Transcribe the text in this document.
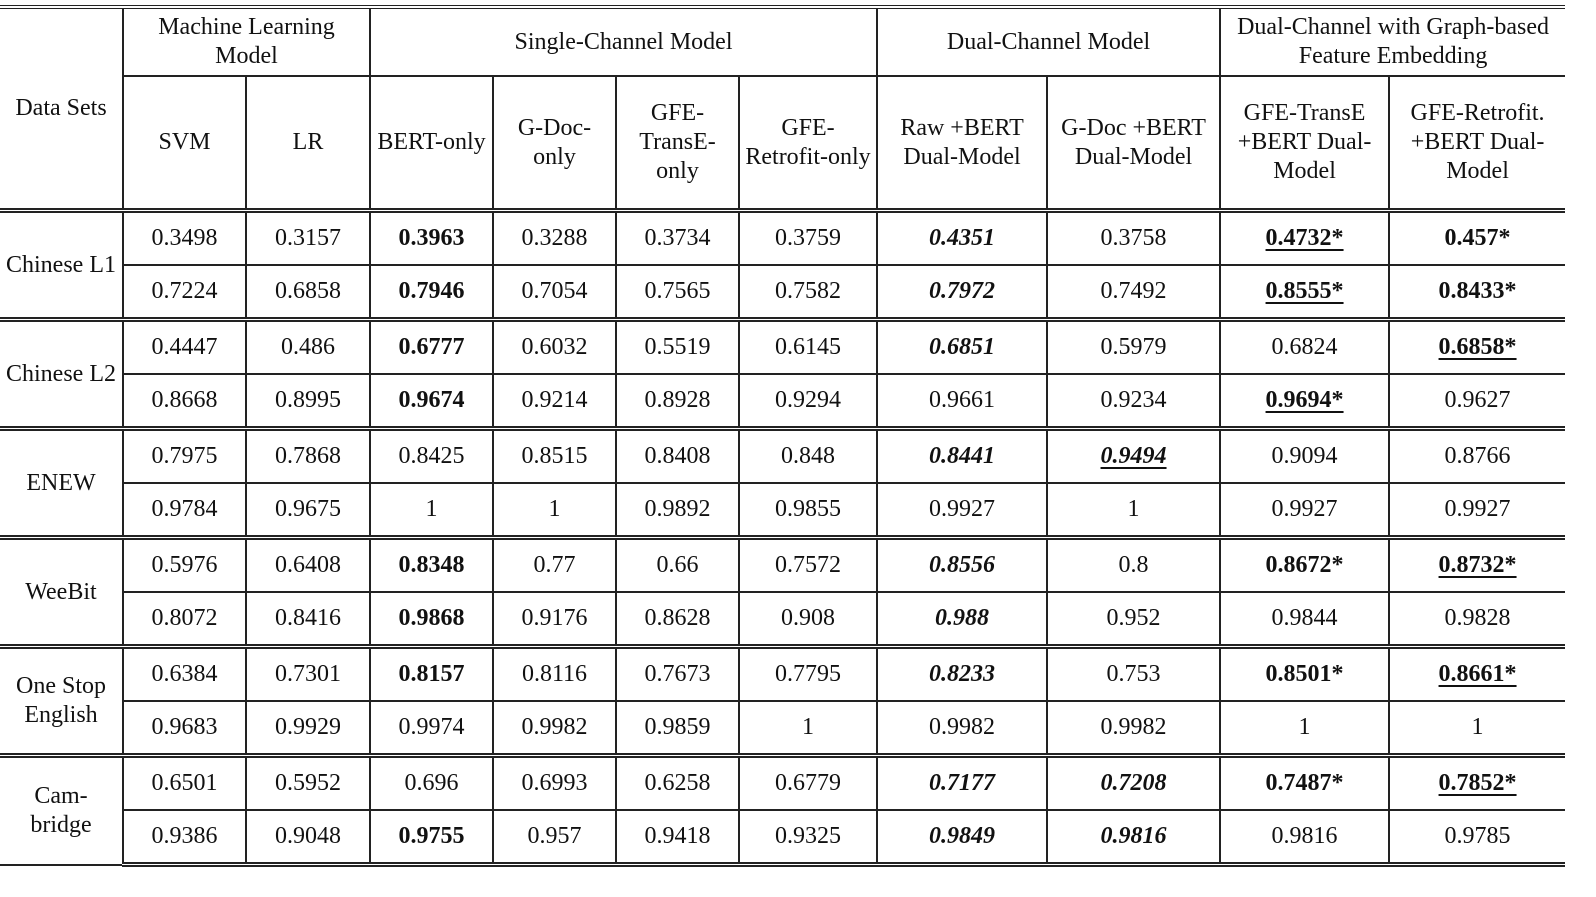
Data Sets	Machine Learning Model		Single-Channel Model				Dual-Channel Model		Dual-Channel with Graph-based Feature Embedding	
	SVM	LR	BERT-only	G-Doc-only	GFE-TransE-only	GFE-Retrofit-only	Raw +BERT Dual-Model	G-Doc +BERT Dual-Model	GFE-TransE +BERT Dual-Model	GFE-Retrofit. +BERT Dual-Model
Chinese L1	0.3498	0.3157	0.3963	0.3288	0.3734	0.3759	0.4351	0.3758	0.4732*	0.457*
	0.7224	0.6858	0.7946	0.7054	0.7565	0.7582	0.7972	0.7492	0.8555*	0.8433*
Chinese L2	0.4447	0.486	0.6777	0.6032	0.5519	0.6145	0.6851	0.5979	0.6824	0.6858*
	0.8668	0.8995	0.9674	0.9214	0.8928	0.9294	0.9661	0.9234	0.9694*	0.9627
ENEW	0.7975	0.7868	0.8425	0.8515	0.8408	0.848	0.8441	0.9494	0.9094	0.8766
	0.9784	0.9675	1	1	0.9892	0.9855	0.9927	1	0.9927	0.9927
WeeBit	0.5976	0.6408	0.8348	0.77	0.66	0.7572	0.8556	0.8	0.8672*	0.8732*
	0.8072	0.8416	0.9868	0.9176	0.8628	0.908	0.988	0.952	0.9844	0.9828
One Stop English	0.6384	0.7301	0.8157	0.8116	0.7673	0.7795	0.8233	0.753	0.8501*	0.8661*
	0.9683	0.9929	0.9974	0.9982	0.9859	1	0.9982	0.9982	1	1
Cam-bridge	0.6501	0.5952	0.696	0.6993	0.6258	0.6779	0.7177	0.7208	0.7487*	0.7852*
	0.9386	0.9048	0.9755	0.957	0.9418	0.9325	0.9849	0.9816	0.9816	0.9785
